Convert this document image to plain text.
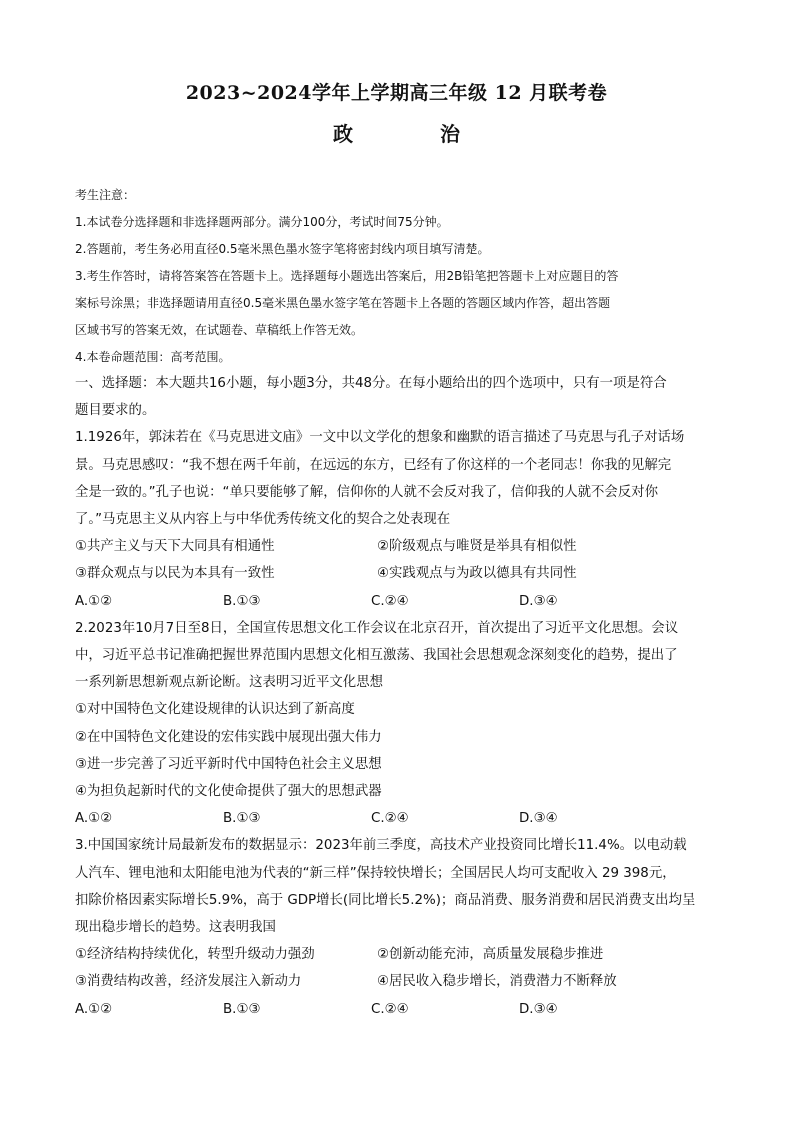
2023~2024学年上学期高三年级 12 月联考卷
政 治

考生注意：

1.本试卷分选择题和非选择题两部分。满分100分，考试时间75分钟。

2.答题前，考生务必用直径0.5毫米黑色墨水签字笔将密封线内项目填写清楚。

3.考生作答时，请将答案答在答题卡上。选择题每小题选出答案后，用2B铅笔把答题卡上对应题目的答

案标号涂黑；非选择题请用直径0.5毫米黑色墨水签字笔在答题卡上各题的答题区域内作答，超出答题

区域书写的答案无效，在试题卷、草稿纸上作答无效。

4.本卷命题范围：高考范围。

一、选择题：本大题共16小题，每小题3分，共48分。在每小题给出的四个选项中，只有一项是符合

题目要求的。

1.1926年，郭沫若在《马克思进文庙》一文中以文学化的想象和幽默的语言描述了马克思与孔子对话场

景。马克思感叹：“我不想在两千年前，在远远的东方，已经有了你这样的一个老同志！你我的见解完

全是一致的。”孔子也说：“单只要能够了解，信仰你的人就不会反对我了，信仰我的人就不会反对你

了。”马克思主义从内容上与中华优秀传统文化的契合之处表现在

①共产主义与天下大同具有相通性	②阶级观点与唯贤是举具有相似性
③群众观点与以民为本具有一致性	④实践观点与为政以德具有共同性
A.①②	B.①③	C.②④	D.③④

2.2023年10月7日至8日，全国宣传思想文化工作会议在北京召开，首次提出了习近平文化思想。会议

中，习近平总书记准确把握世界范围内思想文化相互激荡、我国社会思想观念深刻变化的趋势，提出了

一系列新思想新观点新论断。这表明习近平文化思想

①对中国特色文化建设规律的认识达到了新高度

②在中国特色文化建设的宏伟实践中展现出强大伟力

③进一步完善了习近平新时代中国特色社会主义思想

④为担负起新时代的文化使命提供了强大的思想武器

A.①②	B.①③	C.②④	D.③④

3.中国国家统计局最新发布的数据显示：2023年前三季度，高技术产业投资同比增长11.4%。以电动载

人汽车、锂电池和太阳能电池为代表的“新三样”保持较快增长；全国居民人均可支配收入 29 398元，

扣除价格因素实际增长5.9%，高于 GDP增长(同比增长5.2%)；商品消费、服务消费和居民消费支出均呈

现出稳步增长的趋势。这表明我国

①经济结构持续优化，转型升级动力强劲	②创新动能充沛，高质量发展稳步推进
③消费结构改善，经济发展注入新动力	④居民收入稳步增长，消费潜力不断释放
A.①②	B.①③	C.②④	D.③④
